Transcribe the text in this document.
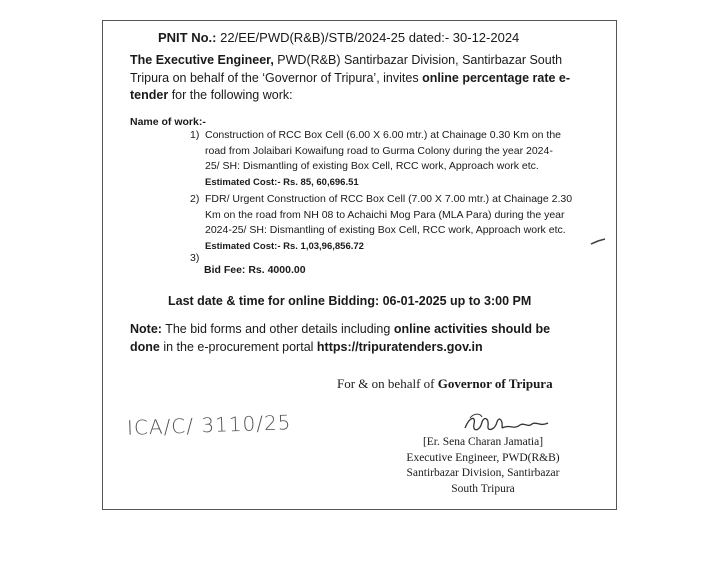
PNIT No.: 22/EE/PWD(R&B)/STB/2024-25 dated:- 30-12-2024
The Executive Engineer, PWD(R&B) Santirbazar Division, Santirbazar South
Tripura on behalf of the ‘Governor of Tripura’, invites online percentage rate e-
tender for the following work:
Name of work:-
1) Construction of RCC Box Cell (6.00 X 6.00 mtr.) at Chainage 0.30 Km on the
road from Jolaibari Kowaifung road to Gurma Colony during the year 2024-
25/ SH: Dismantling of existing Box Cell, RCC work, Approach work etc.
Estimated Cost:- Rs. 85, 60,696.51
2) FDR/ Urgent Construction of RCC Box Cell (7.00 X 7.00 mtr.) at Chainage 2.30
Km on the road from NH 08 to Achaichi Mog Para (MLA Para) during the year
2024-25/ SH: Dismantling of existing Box Cell, RCC work, Approach work etc.
Estimated Cost:- Rs. 1,03,96,856.72
3)
Bid Fee: Rs. 4000.00
Last date & time for online Bidding: 06-01-2025 up to 3:00 PM
Note: The bid forms and other details including online activities should be
done in the e-procurement portal https://tripuratenders.gov.in
For & on behalf of Governor of Tripura
ICA/C/ 3110/25
[Er. Sena Charan Jamatia]
Executive Engineer, PWD(R&B)
Santirbazar Division, Santirbazar
South Tripura
